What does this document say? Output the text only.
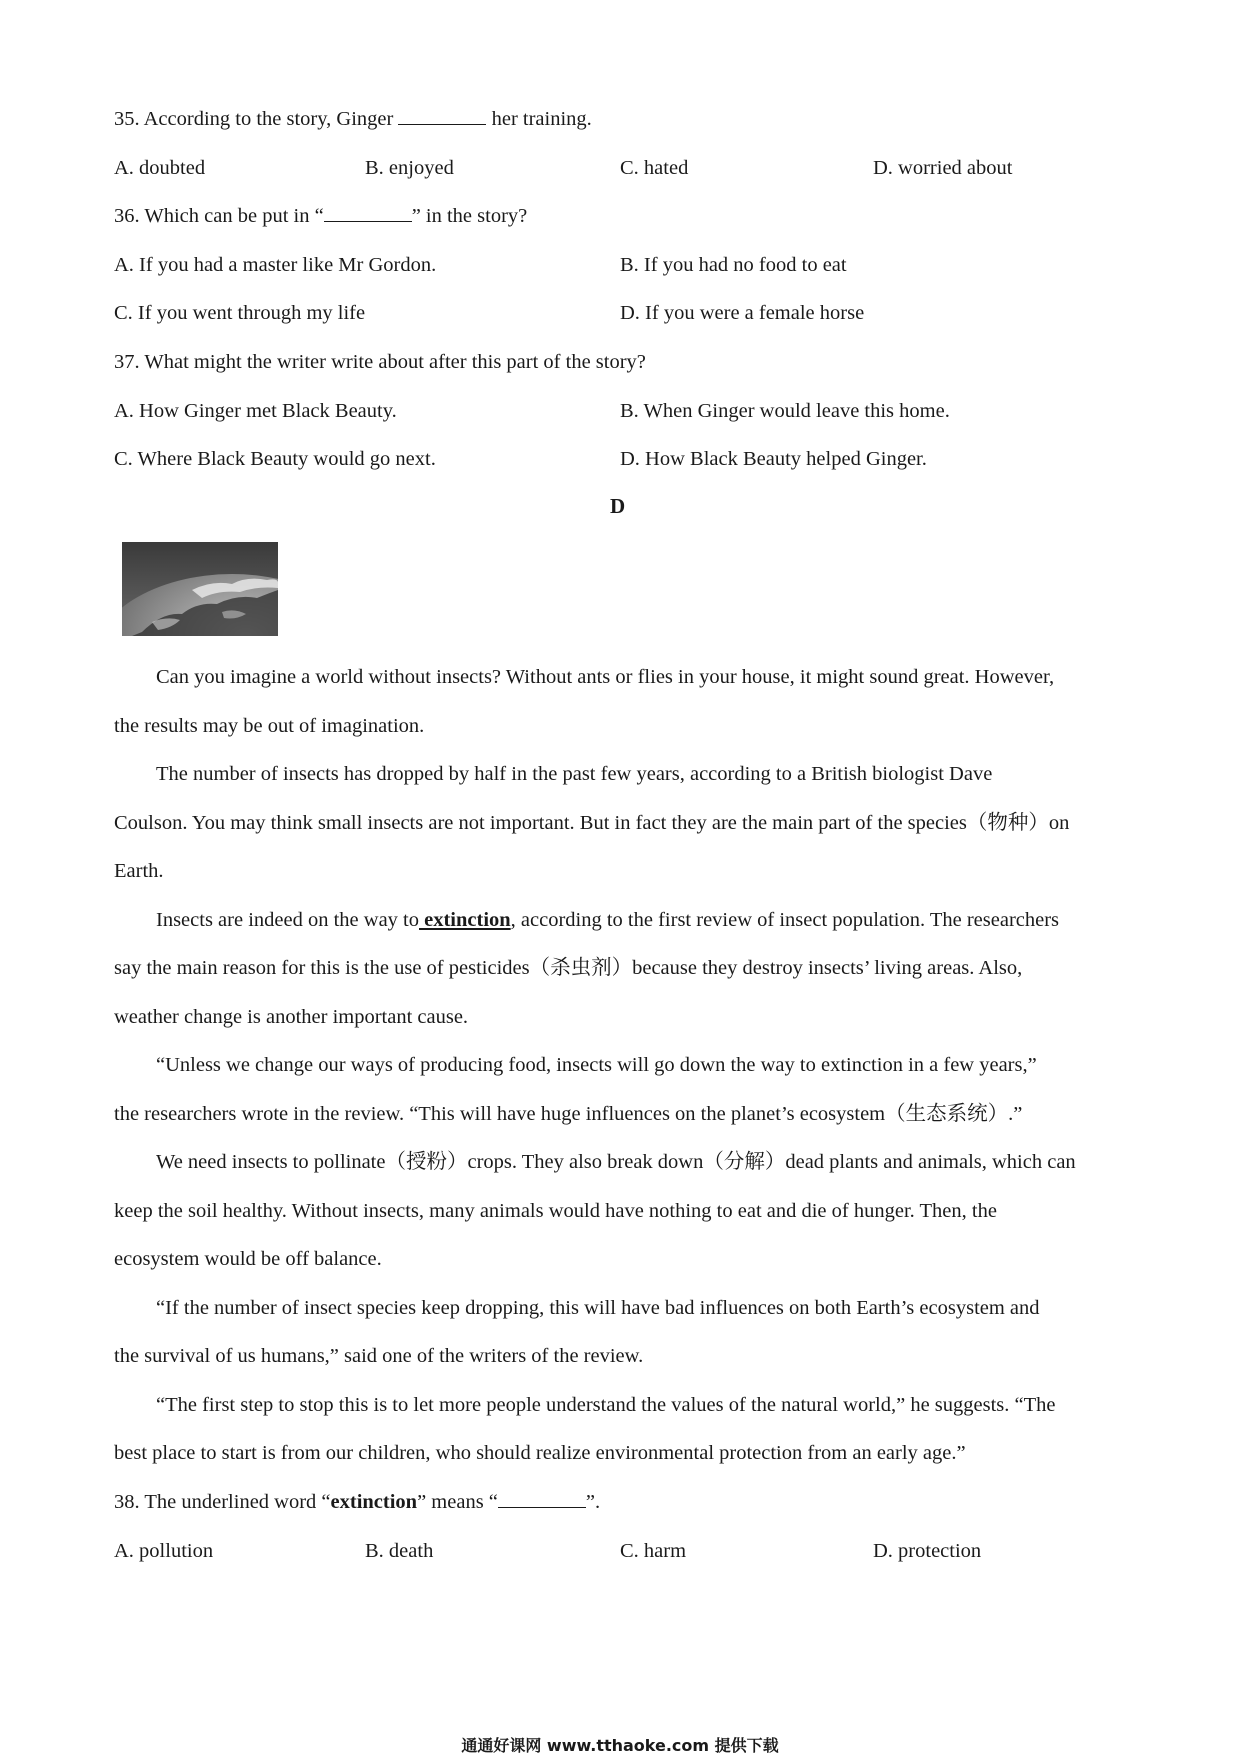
35. According to the story, Ginger	her training.
A. doubted	B. enjoyed	C. hated	D. worried about
36. Which can be put in “	” in the story?
A. If you had a master like Mr Gordon.	B. If you had no food to eat
C. If you went through my life	D. If you were a female horse
37. What might the writer write about after this part of the story?
A. How Ginger met Black Beauty.	B. When Ginger would leave this home.
C. Where Black Beauty would go next.	D. How Black Beauty helped Ginger.
D
Can you imagine a world without insects? Without ants or flies in your house, it might sound great. However,
the results may be out of imagination.
The number of insects has dropped by half in the past few years, according to a British biologist Dave
Coulson. You may think small insects are not important. But in fact they are the main part of the species（物种）on
Earth.
Insects are indeed on the way to extinction, according to the first review of insect population. The researchers
say the main reason for this is the use of pesticides（杀虫剂）because they destroy insects’ living areas. Also,
weather change is another important cause.
“Unless we change our ways of producing food, insects will go down the way to extinction in a few years,”
the researchers wrote in the review. “This will have huge influences on the planet’s ecosystem（生态系统）.”
We need insects to pollinate（授粉）crops. They also break down（分解）dead plants and animals, which can
keep the soil healthy. Without insects, many animals would have nothing to eat and die of hunger. Then, the
ecosystem would be off balance.
“If the number of insect species keep dropping, this will have bad influences on both Earth’s ecosystem and
the survival of us humans,” said one of the writers of the review.
“The first step to stop this is to let more people understand the values of the natural world,” he suggests. “The
best place to start is from our children, who should realize environmental protection from an early age.”
38. The underlined word “extinction” means “	”.
A. pollution	B. death	C. harm	D. protection
通通好课网 www.tthaoke.com 提供下载
